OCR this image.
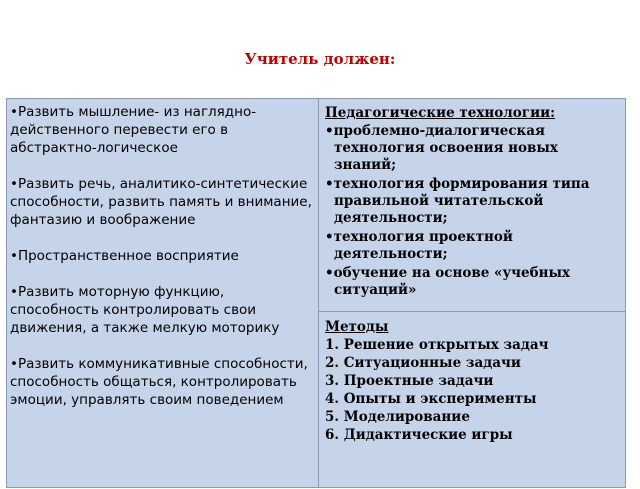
Учитель должен:

•Развить мышление- из наглядно-действенного перевести его в абстрактно-логическое

•Развить речь, аналитико-синтетические способности, развить память и внимание, фантазию и воображение

•Пространственное восприятие

•Развить моторную функцию, способность контролировать свои движения, а также мелкую моторику

•Развить коммуникативные способности, способность общаться, контролировать эмоции, управлять своим поведением

Педагогические технологии:
•проблемно-диалогическая технология освоения новых знаний;
•технология формирования типа правильной читательской деятельности;
•технология проектной деятельности;
•обучение на основе «учебных ситуаций»
Методы
1. Решение открытых задач
2. Ситуационные задачи
3. Проектные задачи
4. Опыты и эксперименты
5. Моделирование
6. Дидактические игры
